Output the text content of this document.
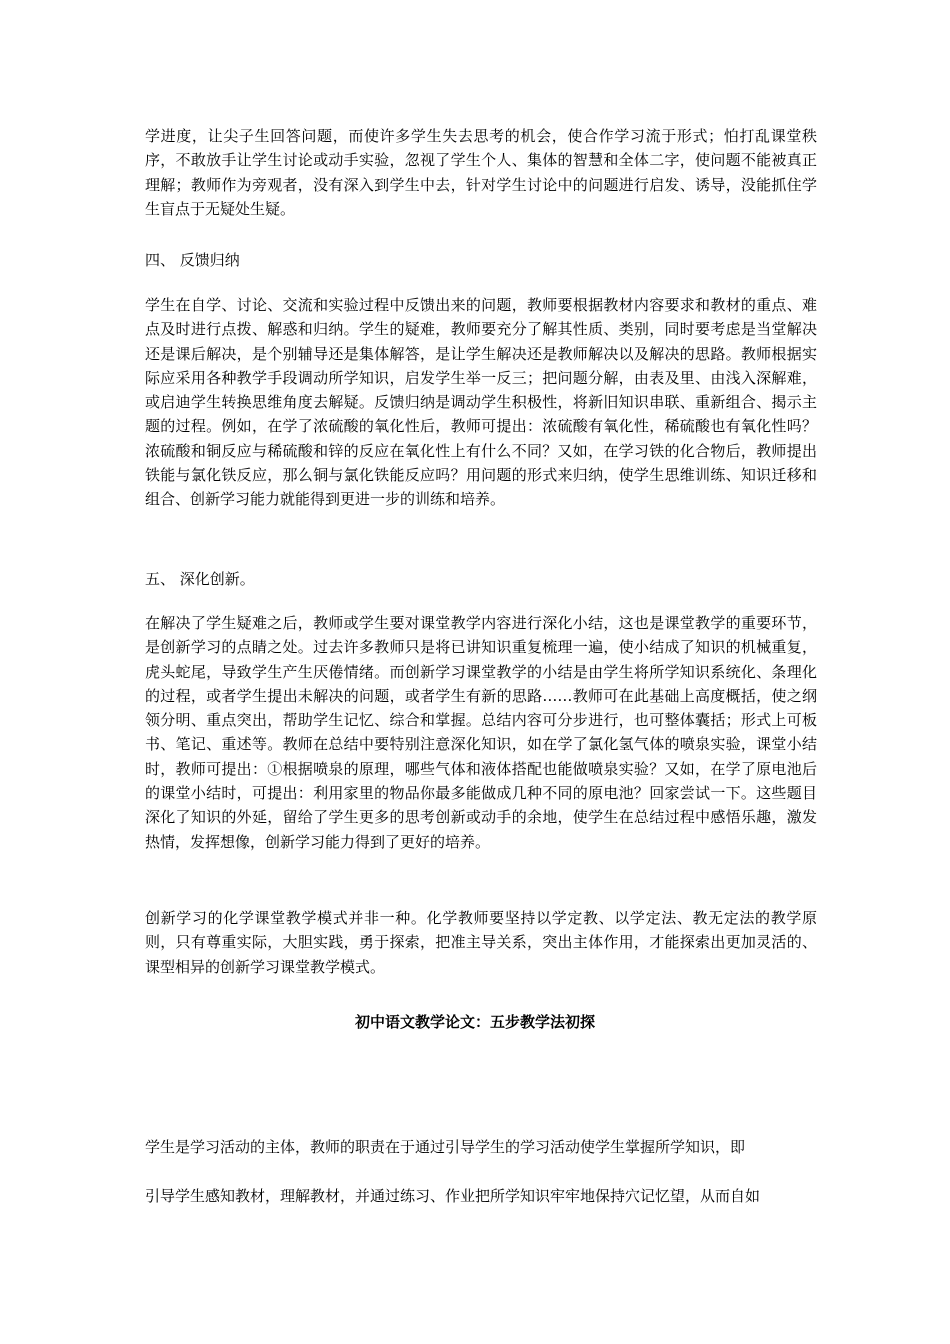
学进度，让尖子生回答问题，而使许多学生失去思考的机会，使合作学习流于形式；怕打乱课堂秩序，不敢放手让学生讨论或动手实验，忽视了学生个人、集体的智慧和全体二字，使问题不能被真正理解；教师作为旁观者，没有深入到学生中去，针对学生讨论中的问题进行启发、诱导，没能抓住学生盲点于无疑处生疑。

四、 反馈归纳

学生在自学、讨论、交流和实验过程中反馈出来的问题，教师要根据教材内容要求和教材的重点、难点及时进行点拨、解惑和归纳。学生的疑难，教师要充分了解其性质、类别，同时要考虑是当堂解决还是课后解决，是个别辅导还是集体解答，是让学生解决还是教师解决以及解决的思路。教师根据实际应采用各种教学手段调动所学知识，启发学生举一反三；把问题分解，由表及里、由浅入深解难，或启迪学生转换思维角度去解疑。反馈归纳是调动学生积极性，将新旧知识串联、重新组合、揭示主题的过程。例如，在学了浓硫酸的氧化性后，教师可提出：浓硫酸有氧化性，稀硫酸也有氧化性吗？浓硫酸和铜反应与稀硫酸和锌的反应在氧化性上有什么不同？又如，在学习铁的化合物后，教师提出铁能与氯化铁反应，那么铜与氯化铁能反应吗？用问题的形式来归纳，使学生思维训练、知识迁移和组合、创新学习能力就能得到更进一步的训练和培养。

五、 深化创新。

在解决了学生疑难之后，教师或学生要对课堂教学内容进行深化小结，这也是课堂教学的重要环节，是创新学习的点睛之处。过去许多教师只是将已讲知识重复梳理一遍，使小结成了知识的机械重复，虎头蛇尾，导致学生产生厌倦情绪。而创新学习课堂教学的小结是由学生将所学知识系统化、条理化的过程，或者学生提出未解决的问题，或者学生有新的思路……教师可在此基础上高度概括，使之纲领分明、重点突出，帮助学生记忆、综合和掌握。总结内容可分步进行，也可整体囊括；形式上可板书、笔记、重述等。教师在总结中要特别注意深化知识，如在学了氯化氢气体的喷泉实验，课堂小结时，教师可提出：①根据喷泉的原理，哪些气体和液体搭配也能做喷泉实验？又如，在学了原电池后的课堂小结时，可提出：利用家里的物品你最多能做成几种不同的原电池？回家尝试一下。这些题目深化了知识的外延，留给了学生更多的思考创新或动手的余地，使学生在总结过程中感悟乐趣，激发热情，发挥想像，创新学习能力得到了更好的培养。

创新学习的化学课堂教学模式并非一种。化学教师要坚持以学定教、以学定法、教无定法的教学原则，只有尊重实际，大胆实践，勇于探索，把准主导关系，突出主体作用，才能探索出更加灵活的、课型相异的创新学习课堂教学模式。

初中语文教学论文：五步教学法初探

学生是学习活动的主体，教师的职责在于通过引导学生的学习活动使学生掌握所学知识，即

引导学生感知教材，理解教材，并通过练习、作业把所学知识牢牢地保持穴记忆望，从而自如
